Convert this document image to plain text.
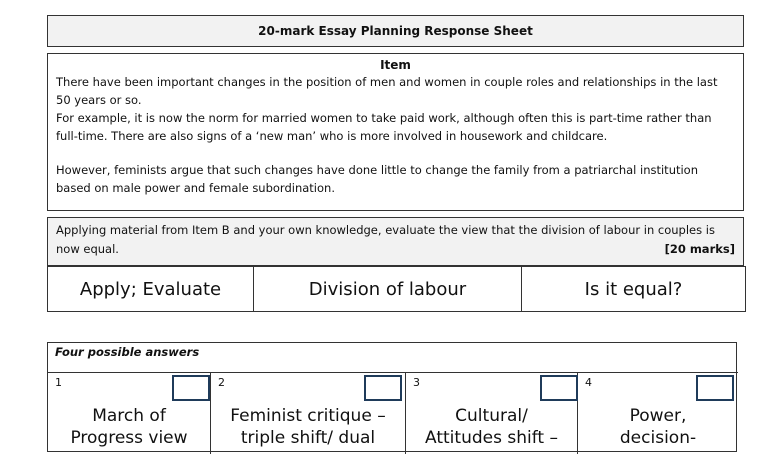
20-mark Essay Planning Response Sheet
Item

There have been important changes in the position of men and women in couple roles and relationships in the last 50 years or so.

For example, it is now the norm for married women to take paid work, although often this is part-time rather than full-time. There are also signs of a ‘new man’ who is more involved in housework and childcare.

However, feminists argue that such changes have done little to change the family from a patriarchal institution based on male power and female subordination.

Applying material from Item B and your own knowledge, evaluate the view that the division of labour in couples is now equal.	[20 marks]
Apply; Evaluate	Division of labour	Is it equal?
Four possible answers
1
March of
Progress view
2
Feminist critique –
triple shift/ dual
3
Cultural/
Attitudes shift –
4
Power,
decision-
